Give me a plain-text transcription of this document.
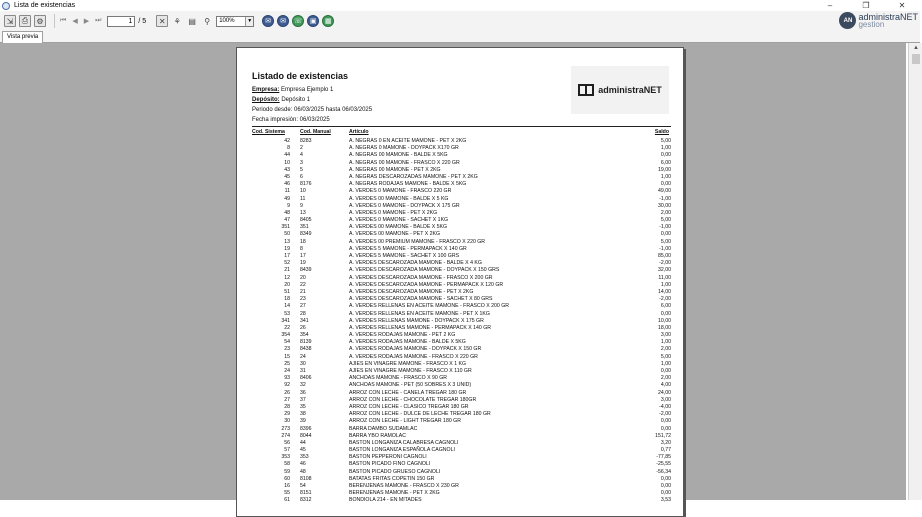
Lista de existencias	–	❐	✕
⇲	⎙	⚙	⏮ ◀ ▶ ⏭	1 / 5	✕	⚘ ▤	⚲	100%	▼	✉	✉	☏	▣	▦	AN administraNET
gestion
Vista previa
Listado de existencias
Empresa: Empresa Ejemplo 1
Depósito: Depósito 1
Periodo desde: 06/03/2025 hasta 06/03/2025
Fecha impresión: 06/03/2025
administraNET
Cod. Sistema	Cod. Manual	Artículo	Saldo
42 8283	A. NEGRAS 0 EN ACEITE MAMONE - PET X 2KG	5,00
8 2	A. NEGRAS 0 MAMONE - DOYPACK X170 GR	1,00
44 4	A. NEGRAS 00 MAMONE - BALDE X 5KG	0,00
10 3	A. NEGRAS 00 MAMONE - FRASCO X 220 GR	6,00
43 5	A. NEGRAS 00 MAMONE - PET X 2KG	19,00
45 6	A. NEGRAS DESCAROZADAS MAMONE - PET X 2KG	1,00
46 8176	A. NEGRAS RODAJAS MAMONE - BALDE X 5KG	0,00
11 10	A. VERDES 0 MAMONE - FRASCO 220 GR	49,00
49 11	A. VERDES 00 MAMONE - BALDE X 5 KG	-1,00
9 9	A. VERDES 0 MAMONE - DOYPACK X 175 GR	30,00
48 13	A. VERDES 0 MAMONE - PET X 2KG	2,00
47 8405	A. VERDES 0 MAMONE - SACHET X 1KG	5,00
351 351	A. VERDES 00 MAMONE - BALDE X 5KG	-1,00
50 8349	A. VERDES 00 MAMONE - PET X 2KG	0,00
13 18	A. VERDES 00 PREMIUM MAMONE - FRASCO X 220 GR	5,00
19 8	A. VERDES 5 MAMONE - PERMAPACK X 140 GR	-1,00
17 17	A. VERDES 5 MAMONE - SACHET X 100 GRS	85,00
52 19	A. VERDES DESCAROZADA MAMONE - BALDE X 4 KG	-2,00
21 8439	A. VERDES DESCAROZADA MAMONE - DOYPACK X 150 GRS	32,00
12 20	A. VERDES DESCAROZADA MAMONE - FRASCO X 200 GR	11,00
20 22	A. VERDES DESCAROZADA MAMONE - PERMAPACK X 120 GR	1,00
51 21	A. VERDES DESCAROZADA MAMONE - PET X 2KG	14,00
18 23	A. VERDES DESCAROZADA MAMONE - SACHET X 80 GRS	-2,00
14 27	A. VERDES RELLENAS EN ACEITE MAMONE - FRASCO X 200 GR	6,00
53 28	A. VERDES RELLENAS EN ACEITE MAMONE - PET X 1KG	0,00
341 341	A. VERDES RELLENAS MAMONE - DOYPACK X 175 GR	10,00
22 26	A. VERDES RELLENAS MAMONE - PERMAPACK X 140 GR	18,00
354 354	A. VERDES RODAJAS MAMONE - PET 2 KG	3,00
54 8139	A. VERDES RODAJAS MAMONE - BALDE X 5KG	1,00
23 8438	A. VERDES RODAJAS MAMONE - DOYPACK X 150 GR	2,00
15 24	A. VERDES RODAJAS MAMONE - FRASCO X 220 GR	5,00
25 30	AJIES EN VINAGRE MAMONE - FRASCO X 1 KG	1,00
24 31	AJIES EN VINAGRE MAMONE - FRASCO X 110 GR	0,00
93 8406	ANCHOAS MAMONE - FRASCO X 90 GR	2,00
92 32	ANCHOAS MAMONE - PET (50 SOBRES X 3 UNID)	4,00
26 36	ARROZ CON LECHE - CANELA TREGAR 180 GR	24,00
27 37	ARROZ CON LECHE - CHOCOLATE TREGAR 180GR	3,00
28 35	ARROZ CON LECHE - CLASICO TREGAR 180 GR	-4,00
29 38	ARROZ CON LECHE - DULCE DE LECHE TREGAR 180 GR	-2,00
30 39	ARROZ CON LECHE - LIGHT TREGAR 180 GR	0,00
273 8396	BARRA DAMBO SUDAMLAC	0,00
274 8044	BARRA YBO RAMOLAC	151,72
56 44	BASTON LONGANIZA CALABRESA CAGNOLI	3,20
57 45	BASTON LONGANIZA ESPAÑOLA CAGNOLI	0,77
353 353	BASTON PEPPERONI CAGNOLI	-77,85
58 46	BASTON PICADO FINO CAGNOLI	-25,55
59 48	BASTON PICADO GRUESO CAGNOLI	-56,34
60 8108	BATATAS FRITAS COPETIN 150 GR	0,00
16 54	BERENJENAS MAMONE - FRASCO X 230 GR	0,00
55 8151	BERENJENAS MAMONE - PET X 2KG	0,00
61 8312	BONDIOLA 214 - EN MITADES	3,53
▲
